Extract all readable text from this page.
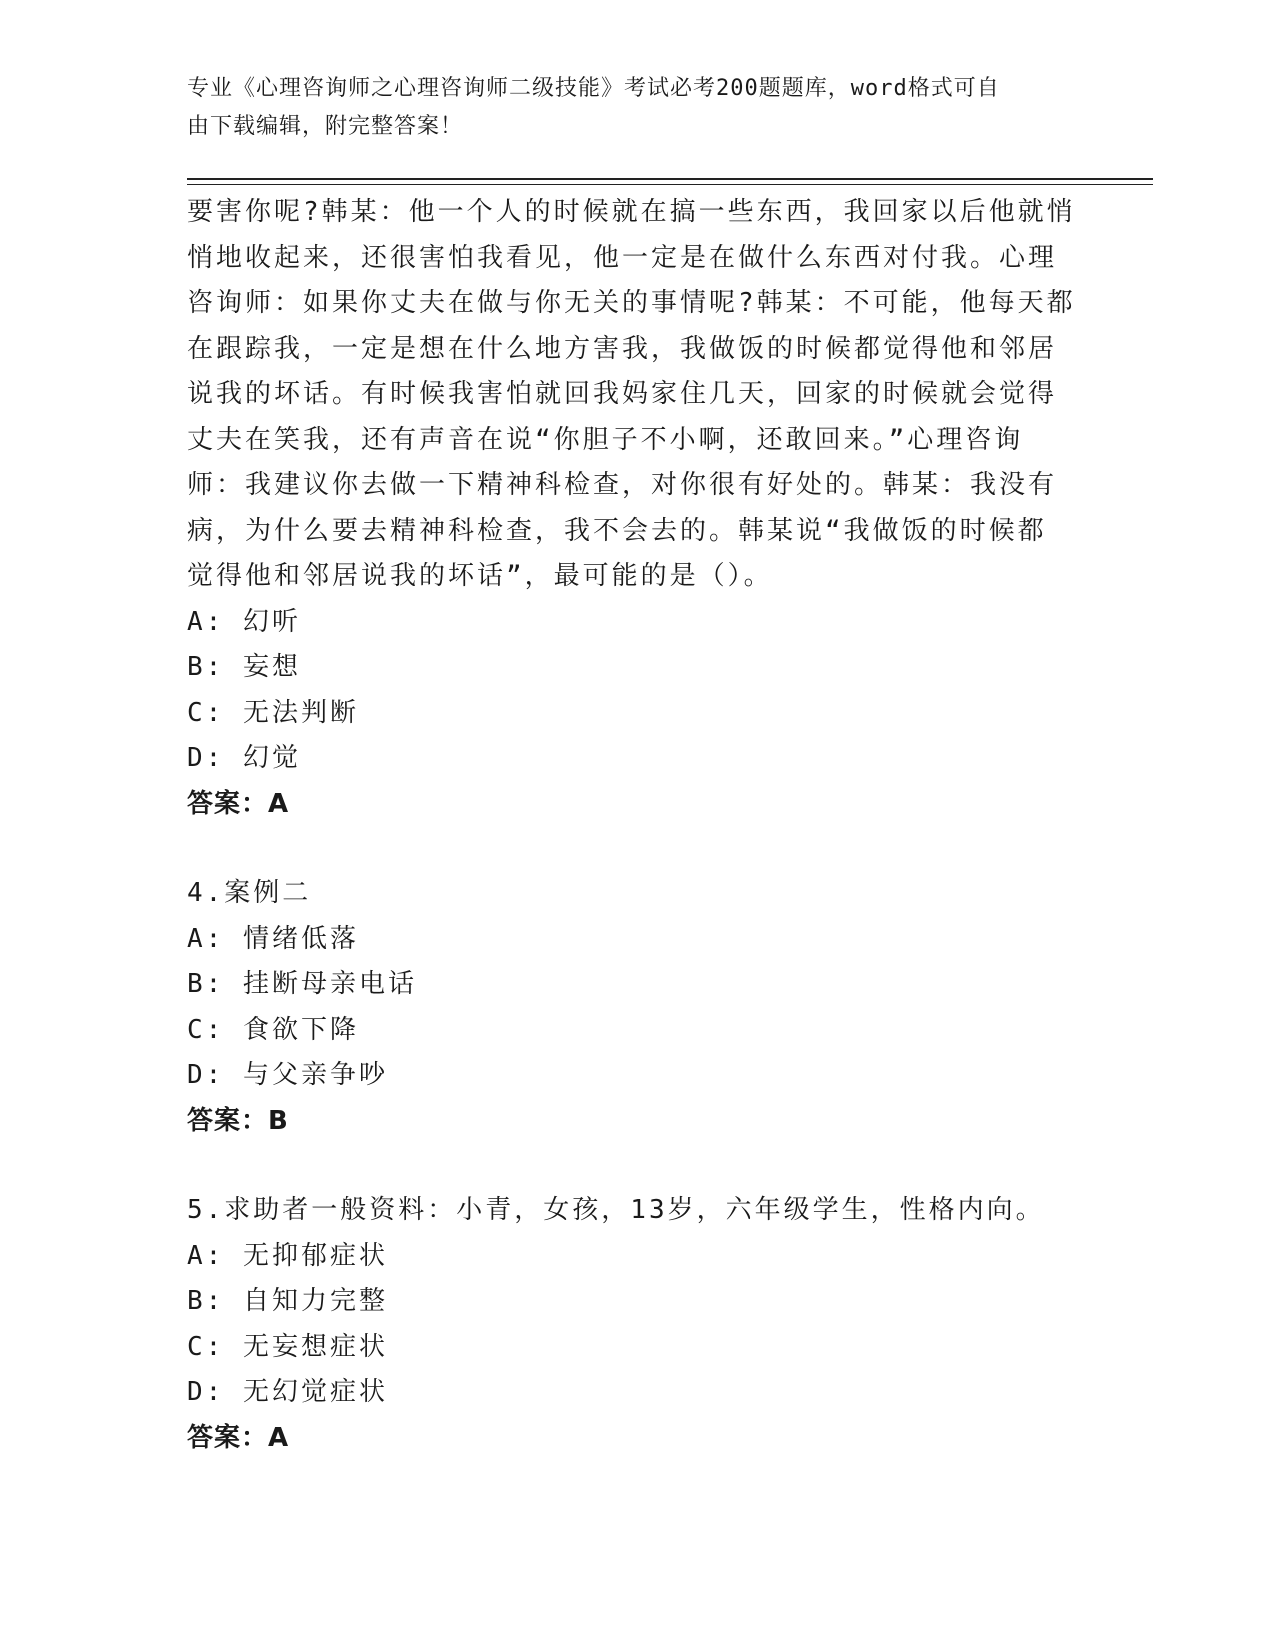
专业《心理咨询师之心理咨询师二级技能》考试必考200题题库，word格式可自
由下载编辑，附完整答案！
要害你呢?韩某：他一个人的时候就在搞一些东西，我回家以后他就悄
悄地收起来，还很害怕我看见，他一定是在做什么东西对付我。心理
咨询师：如果你丈夫在做与你无关的事情呢?韩某：不可能，他每天都
在跟踪我，一定是想在什么地方害我，我做饭的时候都觉得他和邻居
说我的坏话。有时候我害怕就回我妈家住几天，回家的时候就会觉得
丈夫在笑我，还有声音在说“你胆子不小啊，还敢回来。”心理咨询
师：我建议你去做一下精神科检查，对你很有好处的。韩某：我没有
病，为什么要去精神科检查，我不会去的。韩某说“我做饭的时候都
觉得他和邻居说我的坏话”，最可能的是（）。
A: 幻听
B: 妄想
C: 无法判断
D: 幻觉
答案：A
4.案例二
A: 情绪低落
B: 挂断母亲电话
C: 食欲下降
D: 与父亲争吵
答案：B
5.求助者一般资料：小青，女孩，13岁，六年级学生，性格内向。
A: 无抑郁症状
B: 自知力完整
C: 无妄想症状
D: 无幻觉症状
答案：A
